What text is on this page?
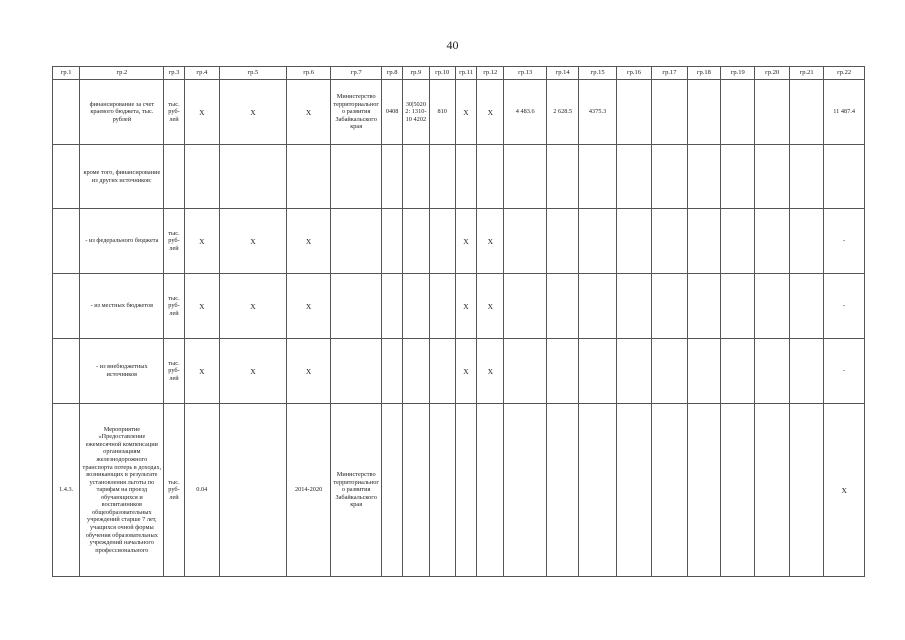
40
гр.1	гр.2	гр.3	гр.4	гр.5	гр.6	гр.7	гр.8	гр.9	гр.10	гр.11	гр.12	гр.13	гр.14	гр.15	гр.16	гр.17	гр.18	гр.19	гр.20	гр.21	гр.22
	финансирование за счет краевого бюджета, тыс. рублей	тыс. руб-лей	Х	Х	Х	Министерство территориального развития Забайкальского края	0408	30|5020 2: 1310-10 4202	810	Х	Х	4 483.6	2 628.5	4375.3							11 487.4
	кроме того, финансирование из других источников:																				
	- из федерального бюджета	тыс. руб-лей	Х	Х	Х					Х	Х										-
	- из местных бюджетов	тыс. руб-лей	Х	Х	Х					Х	Х										-
	- из внебюджетных источников	тыс. руб-лей	Х	Х	Х					Х	Х										-
1.4.3.	Мероприятие «Предоставление ежемесячной компенсации организациям железнодорожного транспорта потерь в доходах, возникающих в результате установления льготы по тарифам на проезд обучающихся и воспитанников общеобразовательных учреждений старше 7 лет, учащихся очной формы обучения образовательных учреждений начального профессионального	тыс. руб-лей	0.04		2014-2020	Министерство территориального развития Забайкальского края															Х
